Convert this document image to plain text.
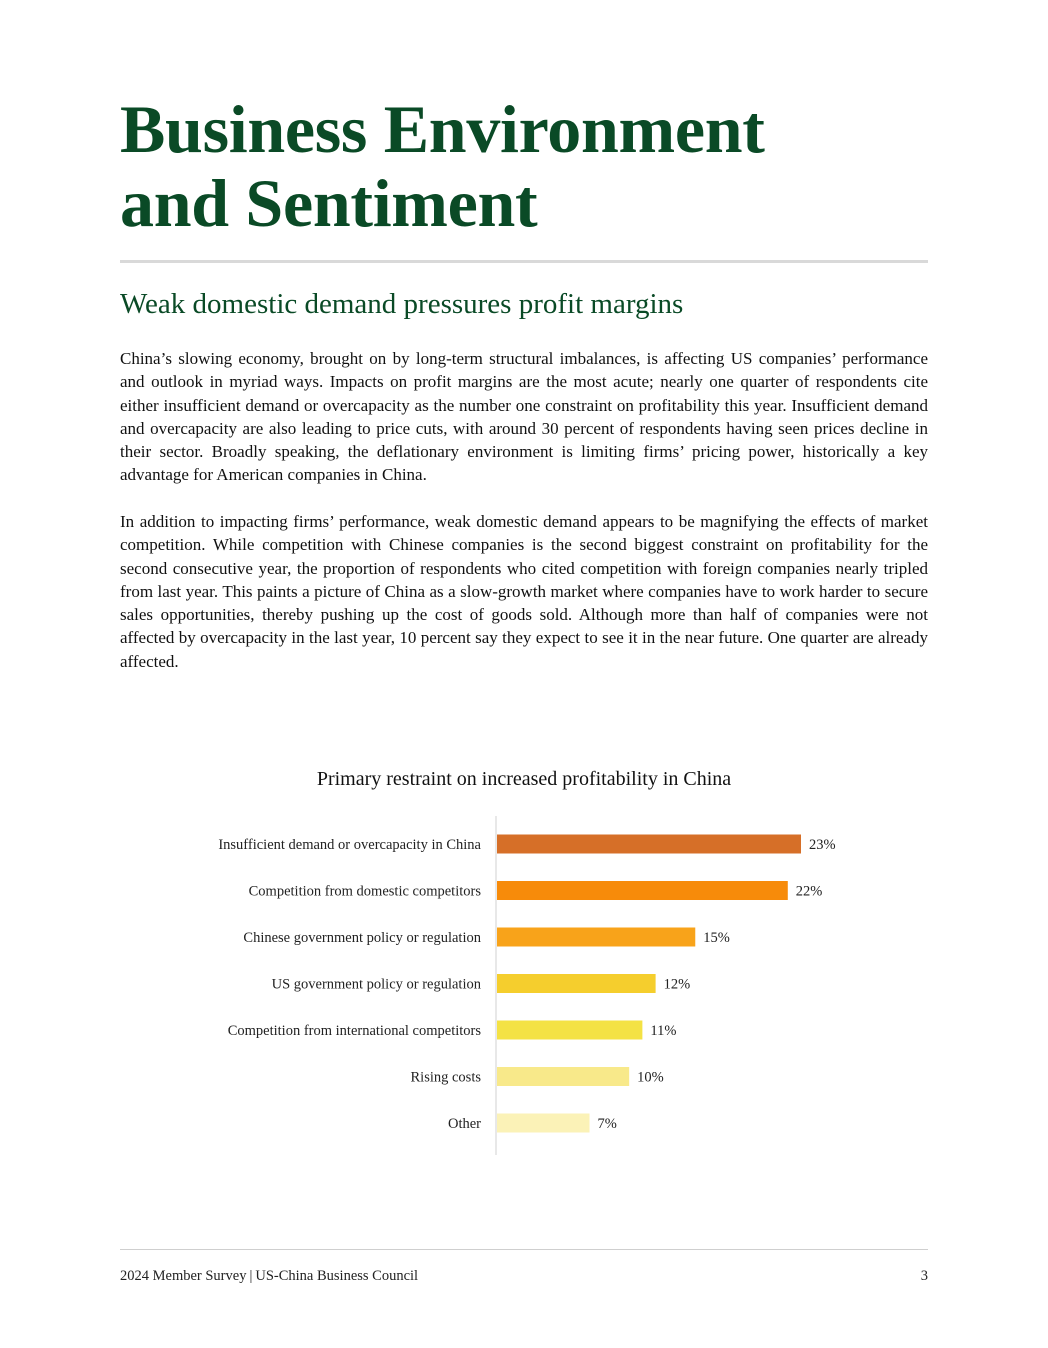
Business Environment
and Sentiment
Weak domestic demand pressures profit margins

China’s slowing economy, brought on by long-term structural imbalances, is affecting US companies’ performance and outlook in myriad ways. Impacts on profit margins are the most acute; nearly one quarter of respondents cite either insufficient demand or overcapacity as the number one constraint on profitability this year. Insufficient demand and overcapacity are also leading to price cuts, with around 30 percent of respondents having seen prices decline in their sector. Broadly speaking, the deflationary environment is limiting firms’ pricing power, historically a key advantage for American companies in China.

In addition to impacting firms’ performance, weak domestic demand appears to be magnifying the effects of market competition. While competition with Chinese companies is the second biggest constraint on profitability for the second consecutive year, the proportion of respondents who cited competition with foreign companies nearly tripled from last year. This paints a picture of China as a slow-growth market where companies have to work harder to secure sales opportunities, thereby pushing up the cost of goods sold. Although more than half of companies were not affected by overcapacity in the last year, 10 percent say they expect to see it in the near future. One quarter are already affected.

Primary restraint on increased profitability in China
Insufficient demand or overcapacity in China	23%
Competition from domestic competitors	22%
Chinese government policy or regulation	15%
US government policy or regulation	12%
Competition from international competitors	11%
Rising costs	10%
Other	7%
2024 Member Survey | US-China Business Council	3
